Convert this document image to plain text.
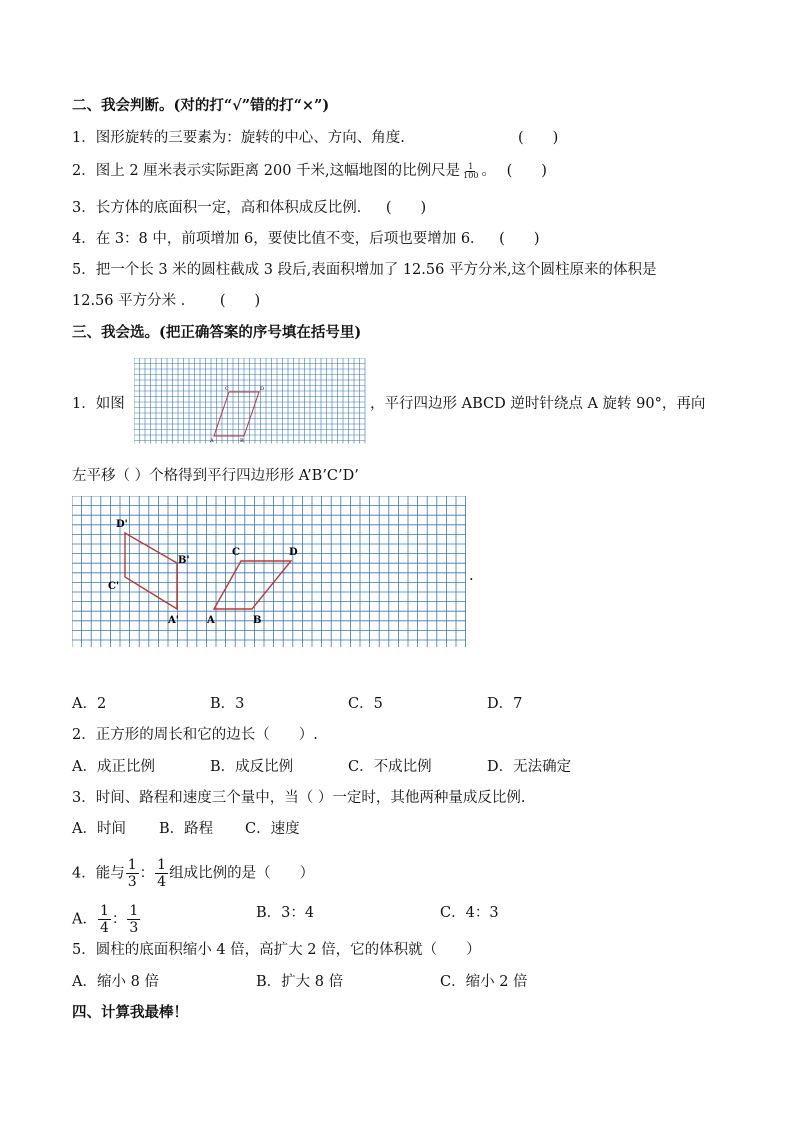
二、我会判断。(对的打“√”错的打“×”)
1．图形旋转的三要素为：旋转的中心、方向、角度.	(　　)
2．图上 2 厘米表示实际距离 200 千米,这幅地图的比例尺是 $\frac{1}{100}$ 。 (　　)
3．长方体的底面积一定，高和体积成反比例． (　　)
4．在 3：8 中，前项增加 6，要使比值不变，后项也要增加 6． (　　)
5．把一个长 3 米的圆柱截成 3 段后,表面积增加了 12.56 平方分米,这个圆柱原来的体积是
12.56 平方分米 ． (　　)
三、我会选。(把正确答案的序号填在括号里)
1．如图
A	B
C	D
，平行四边形 ABCD 逆时针绕点 A 旋转 90°，再向
左平移（ ）个格得到平行四边形形 A’B’C’D’
D'
B'
C'
A'	A	B
C	D
.
A．2	B．3	C．5	D．7
2．正方形的周长和它的边长（　　）.
A．成正比例	B．成反比例	C．不成比例	D．无法确定
3．时间、路程和速度三个量中，当（ ）一定时，其他两种量成反比例.
A．时间 B．路程 C．速度
4．能与 $\frac{1}{3}$ ： $\frac{1}{4}$ 组成比例的是（　　）
A． $\frac{1}{4}$ ： $\frac{1}{3}$	B．3：4	C．4：3
5．圆柱的底面积缩小 4 倍，高扩大 2 倍，它的体积就（　　）
A．缩小 8 倍	B．扩大 8 倍	C．缩小 2 倍
四、计算我最棒！
